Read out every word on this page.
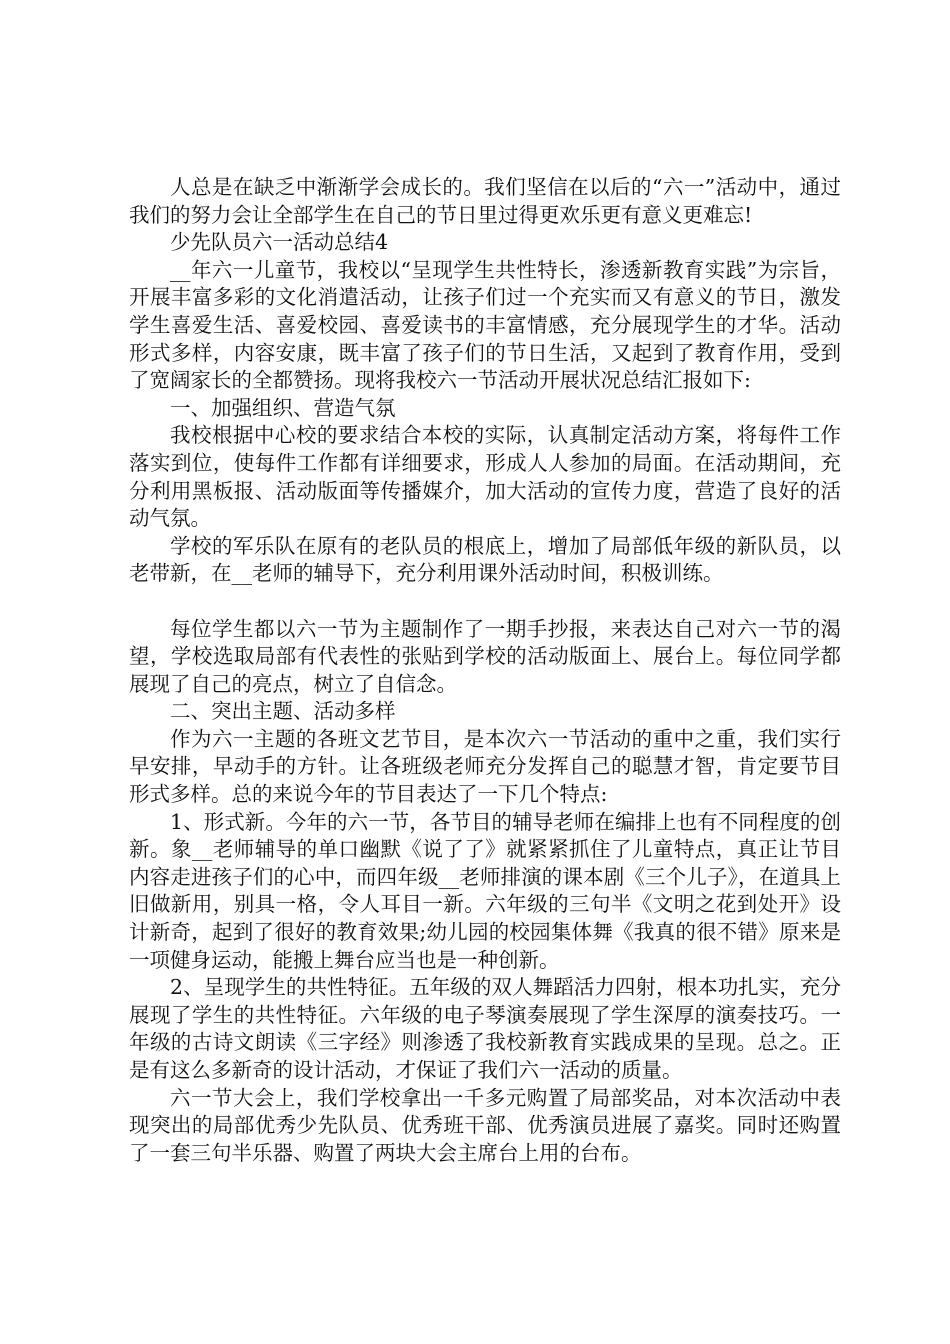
人总是在缺乏中渐渐学会成长的。我们坚信在以后的“六一”活动中，通过我们的努力会让全部学生在自己的节日里过得更欢乐更有意义更难忘!

少先队员六一活动总结4

__年六一儿童节，我校以“呈现学生共性特长，渗透新教育实践”为宗旨，开展丰富多彩的文化消遣活动，让孩子们过一个充实而又有意义的节日，激发学生喜爱生活、喜爱校园、喜爱读书的丰富情感，充分展现学生的才华。活动形式多样，内容安康，既丰富了孩子们的节日生活，又起到了教育作用，受到了宽阔家长的全都赞扬。现将我校六一节活动开展状况总结汇报如下:

一、加强组织、营造气氛

我校根据中心校的要求结合本校的实际，认真制定活动方案，将每件工作落实到位，使每件工作都有详细要求，形成人人参加的局面。在活动期间，充分利用黑板报、活动版面等传播媒介，加大活动的宣传力度，营造了良好的活动气氛。

学校的军乐队在原有的老队员的根底上，增加了局部低年级的新队员，以老带新，在__老师的辅导下，充分利用课外活动时间，积极训练。

每位学生都以六一节为主题制作了一期手抄报，来表达自己对六一节的渴望，学校选取局部有代表性的张贴到学校的活动版面上、展台上。每位同学都展现了自己的亮点，树立了自信念。

二、突出主题、活动多样

作为六一主题的各班文艺节目，是本次六一节活动的重中之重，我们实行早安排，早动手的方针。让各班级老师充分发挥自己的聪慧才智，肯定要节目形式多样。总的来说今年的节目表达了一下几个特点:

1、形式新。今年的六一节，各节目的辅导老师在编排上也有不同程度的创新。象__老师辅导的单口幽默《说了了》就紧紧抓住了儿童特点，真正让节目内容走进孩子们的心中，而四年级__老师排演的课本剧《三个儿子》，在道具上旧做新用，别具一格，令人耳目一新。六年级的三句半《文明之花到处开》设计新奇，起到了很好的教育效果;幼儿园的校园集体舞《我真的很不错》原来是一项健身运动，能搬上舞台应当也是一种创新。

2、呈现学生的共性特征。五年级的双人舞蹈活力四射，根本功扎实，充分展现了学生的共性特征。六年级的电子琴演奏展现了学生深厚的演奏技巧。一年级的古诗文朗读《三字经》则渗透了我校新教育实践成果的呈现。总之。正是有这么多新奇的设计活动，才保证了我们六一活动的质量。

六一节大会上，我们学校拿出一千多元购置了局部奖品，对本次活动中表现突出的局部优秀少先队员、优秀班干部、优秀演员进展了嘉奖。同时还购置了一套三句半乐器、购置了两块大会主席台上用的台布。
